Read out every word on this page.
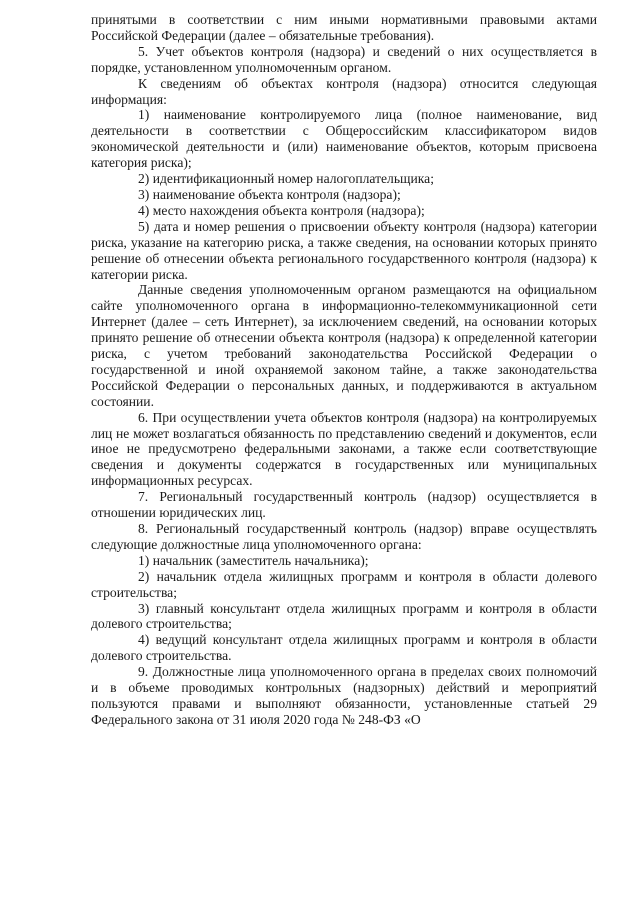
принятыми в соответствии с ним иными нормативными правовыми актами Российской Федерации (далее – обязательные требования).

5. Учет объектов контроля (надзора) и сведений о них осуществляется в порядке, установленном уполномоченным органом.

К сведениям об объектах контроля (надзора) относится следующая информация:

1) наименование контролируемого лица (полное наименование, вид деятельности в соответствии с Общероссийским классификатором видов экономической деятельности и (или) наименование объектов, которым присвоена категория риска);

2) идентификационный номер налогоплательщика;

3) наименование объекта контроля (надзора);

4) место нахождения объекта контроля (надзора);

5) дата и номер решения о присвоении объекту контроля (надзора) категории риска, указание на категорию риска, а также сведения, на основании которых принято решение об отнесении объекта регионального государственного контроля (надзора) к категории риска.

Данные сведения уполномоченным органом размещаются на официальном сайте уполномоченного органа в информационно-телекоммуникационной сети Интернет (далее – сеть Интернет), за исключением сведений, на основании которых принято решение об отнесении объекта контроля (надзора) к определенной категории риска, с учетом требований законодательства Российской Федерации о государственной и иной охраняемой законом тайне, а также законодательства Российской Федерации о персональных данных, и поддерживаются в актуальном состоянии.

6. При осуществлении учета объектов контроля (надзора) на контролируемых лиц не может возлагаться обязанность по представлению сведений и документов, если иное не предусмотрено федеральными законами, а также если соответствующие сведения и документы содержатся в государственных или муниципальных информационных ресурсах.

7. Региональный государственный контроль (надзор) осуществляется в отношении юридических лиц.

8. Региональный государственный контроль (надзор) вправе осуществлять следующие должностные лица уполномоченного органа:

1) начальник (заместитель начальника);

2) начальник отдела жилищных программ и контроля в области долевого строительства;

3) главный консультант отдела жилищных программ и контроля в области долевого строительства;

4) ведущий консультант отдела жилищных программ и контроля в области долевого строительства.

9. Должностные лица уполномоченного органа в пределах своих полномочий и в объеме проводимых контрольных (надзорных) действий и мероприятий пользуются правами и выполняют обязанности, установленные статьей 29 Федерального закона от 31 июля 2020 года № 248-ФЗ «О
